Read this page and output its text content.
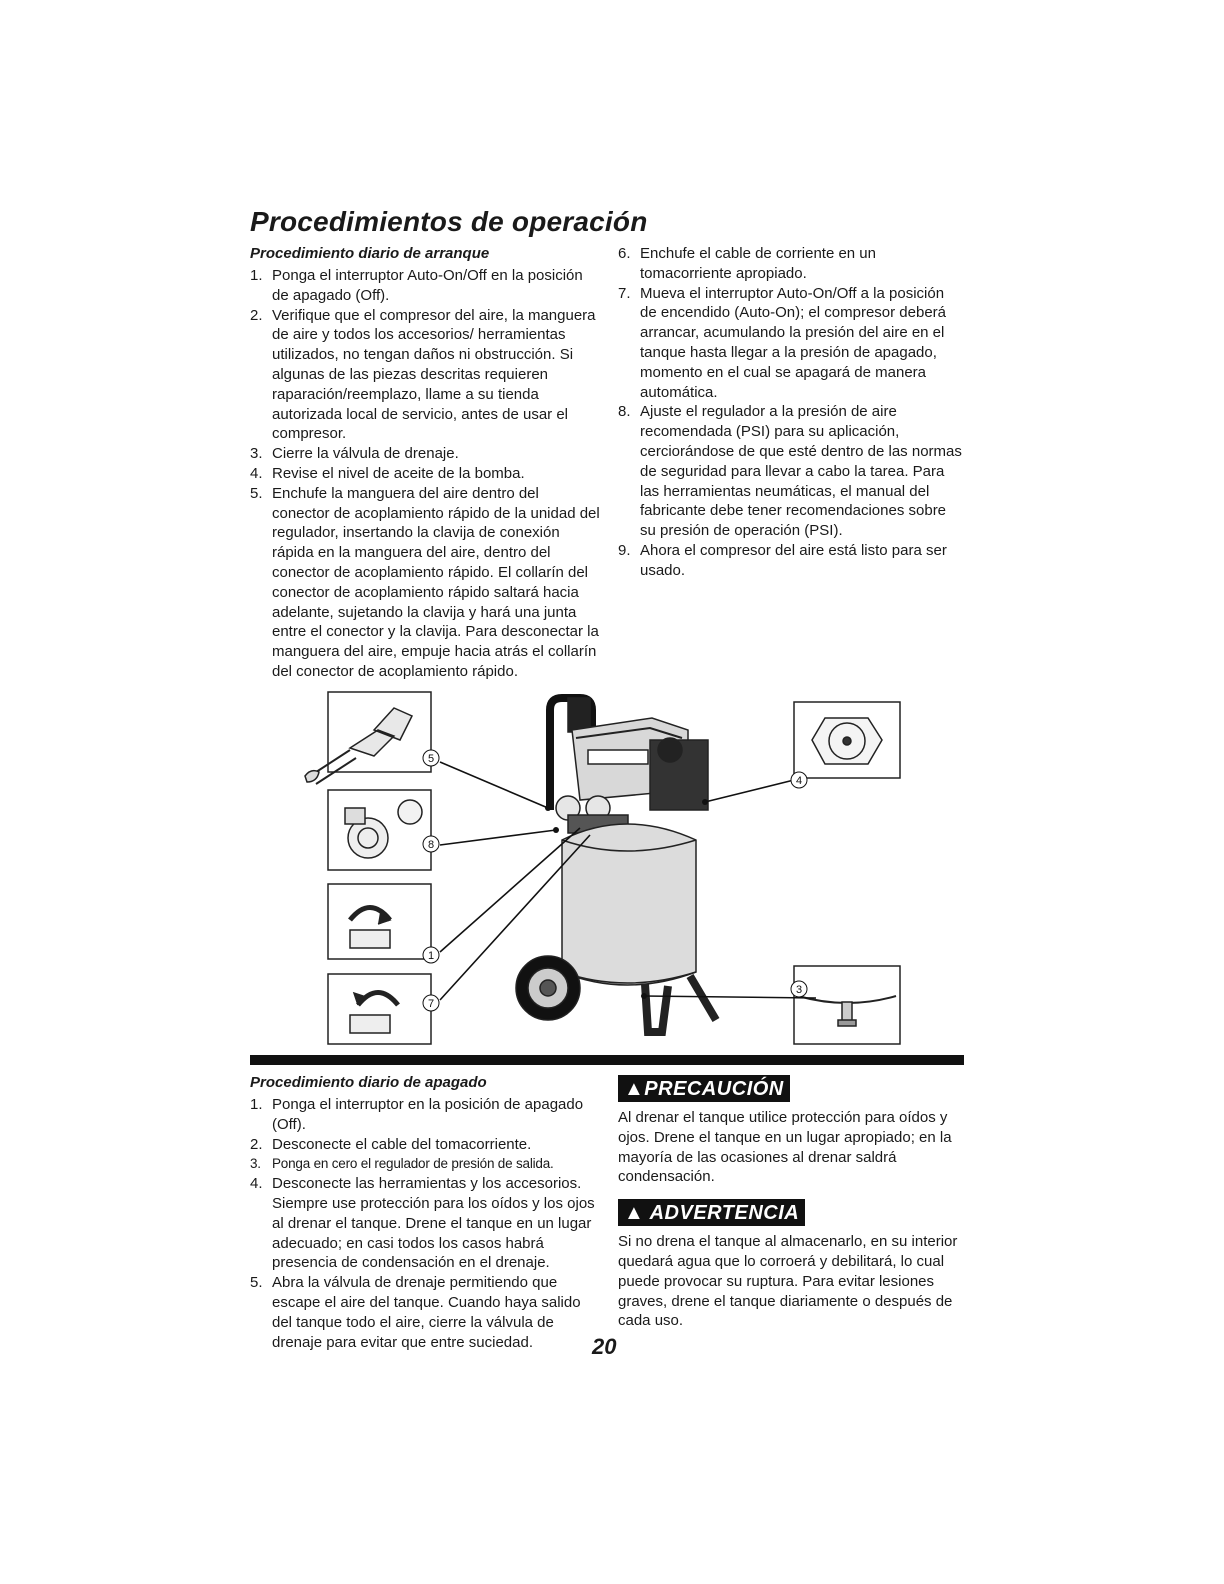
Procedimientos de operación

Procedimiento diario de arranque

1. Ponga el interruptor Auto-On/Off en la posición de apagado (Off).
2. Verifique que el compresor del aire, la manguera de aire y todos los accesorios/ herramientas utilizados, no tengan daños ni obstrucción. Si algunas de las piezas descritas requieren raparación/reemplazo, llame a su tienda autorizada local de servicio, antes de usar el compresor.
3. Cierre la válvula de drenaje.
4. Revise el nivel de aceite de la bomba.
5. Enchufe la manguera del aire dentro del conector de acoplamiento rápido de la unidad del regulador, insertando la clavija de conexión rápida en la manguera del aire, dentro del conector de acoplamiento rápido. El collarín del conector de acoplamiento rápido saltará hacia adelante, sujetando la clavija y hará una junta entre el conector y la clavija. Para desconectar la manguera del aire, empuje hacia atrás el collarín del conector de acoplamiento rápido.
6. Enchufe el cable de corriente en un tomacorriente apropiado.
7. Mueva el interruptor Auto-On/Off a la posición de encendido (Auto-On); el compresor deberá arrancar, acumulando la presión del aire en el tanque hasta llegar a la presión de apagado, momento en el cual se apagará de manera automática.
8. Ajuste el regulador a la presión de aire recomendada (PSI) para su aplicación, cerciorándose de que esté dentro de las normas de seguridad para llevar a cabo la tarea. Para las herramientas neumáticas, el manual del fabricante debe tener recomendaciones sobre su presión de operación (PSI).
9. Ahora el compresor del aire está listo para ser usado.
5
8
1
7
4
3

Procedimiento diario de apagado

1. Ponga el interruptor en la posición de apagado (Off).
2. Desconecte el cable del tomacorriente.
3. Ponga en cero el regulador de presión de salida.
4. Desconecte las herramientas y los accesorios. Siempre use protección para los oídos y los ojos al drenar el tanque. Drene el tanque en un lugar adecuado; en casi todos los casos habrá presencia de condensación en el drenaje.
5. Abra la válvula de drenaje permitiendo que escape el aire del tanque. Cuando haya salido del tanque todo el aire, cierre la válvula de drenaje para evitar que entre suciedad.
▲PRECAUCIÓN

Al drenar el tanque utilice protección para oídos y ojos. Drene el tanque en un lugar apropiado; en la mayoría de las ocasiones al drenar saldrá condensación.

▲ ADVERTENCIA

Si no drena el tanque al almacenarlo, en su interior quedará agua que lo corroerá y debilitará, lo cual puede provocar su ruptura. Para evitar lesiones graves, drene el tanque diariamente o después de cada uso.

20
